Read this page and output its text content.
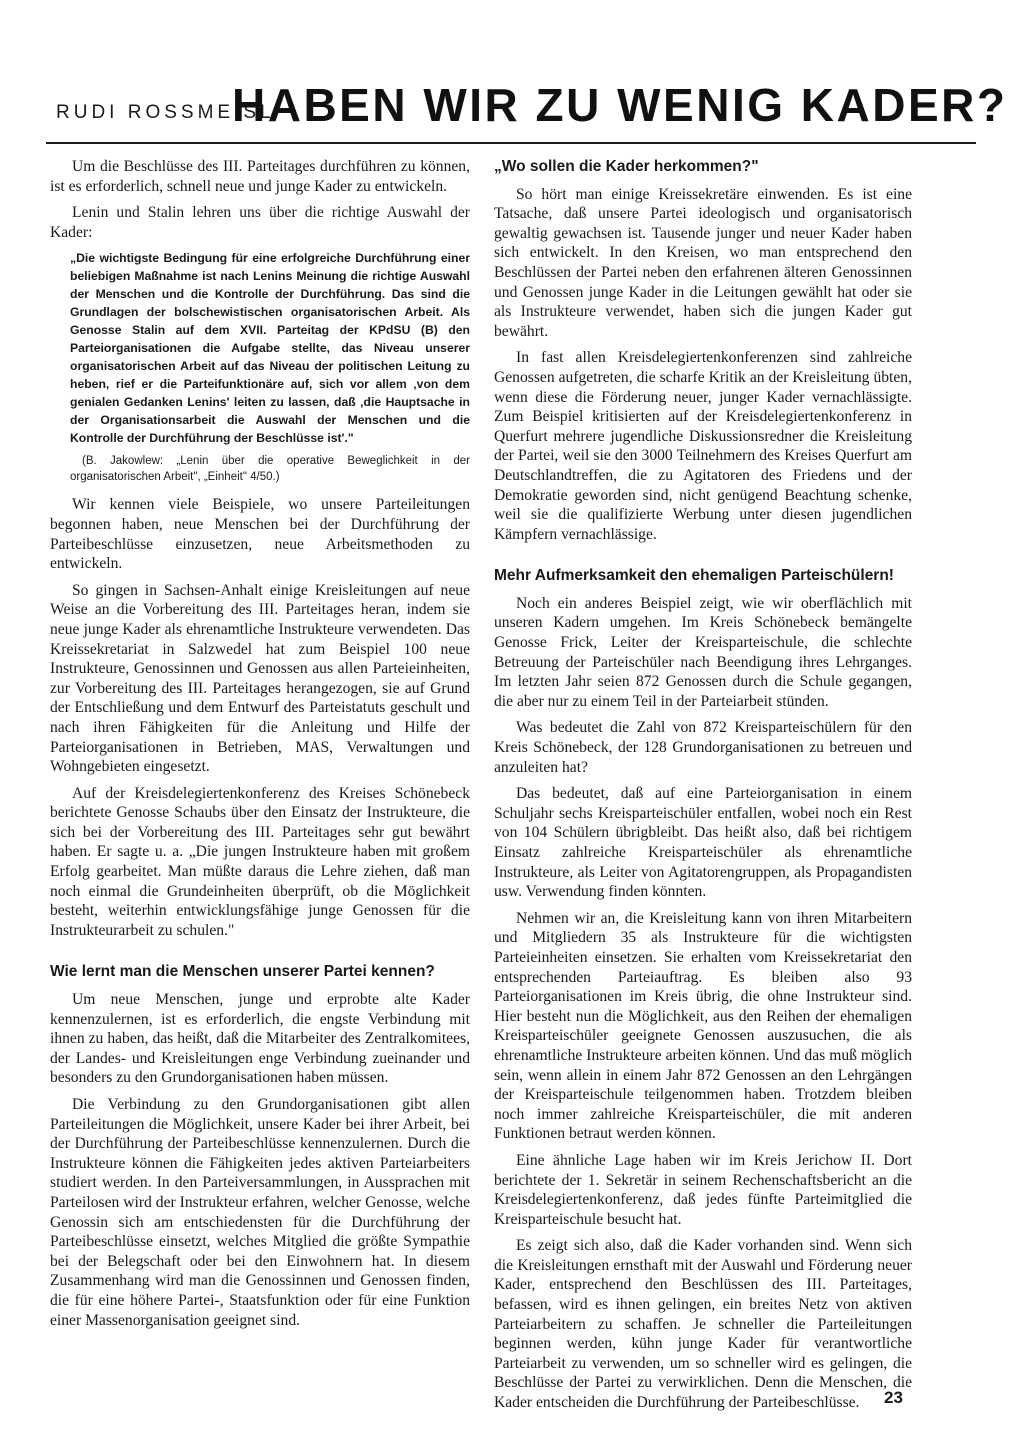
RUDI ROSSMEISL
HABEN WIR ZU WENIG KADER?

Um die Beschlüsse des III. Parteitages durchführen zu können, ist es erforderlich, schnell neue und junge Kader zu entwickeln.

Lenin und Stalin lehren uns über die richtige Auswahl der Kader:

„Die wichtigste Bedingung für eine erfolgreiche Durchführung einer beliebigen Maßnahme ist nach Lenins Meinung die richtige Auswahl der Menschen und die Kontrolle der Durchführung. Das sind die Grundlagen der bolschewistischen organisatorischen Arbeit. Als Genosse Stalin auf dem XVII. Parteitag der KPdSU (B) den Parteiorganisationen die Aufgabe stellte, das Niveau unserer organisatorischen Arbeit auf das Niveau der politischen Leitung zu heben, rief er die Parteifunktionäre auf, sich vor allem ‚von dem genialen Gedanken Lenins' leiten zu lassen, daß ‚die Hauptsache in der Organisationsarbeit die Auswahl der Menschen und die Kontrolle der Durchführung der Beschlüsse ist'."

(B. Jakowlew: „Lenin über die operative Beweglichkeit in der organisatorischen Arbeit", „Einheit" 4/50.)

Wir kennen viele Beispiele, wo unsere Parteileitungen begonnen haben, neue Menschen bei der Durchführung der Parteibeschlüsse einzusetzen, neue Arbeitsmethoden zu entwickeln.

So gingen in Sachsen-Anhalt einige Kreisleitungen auf neue Weise an die Vorbereitung des III. Parteitages heran, indem sie neue junge Kader als ehrenamtliche Instrukteure verwendeten. Das Kreissekretariat in Salzwedel hat zum Beispiel 100 neue Instrukteure, Genossinnen und Genossen aus allen Parteieinheiten, zur Vorbereitung des III. Parteitages herangezogen, sie auf Grund der Entschließung und dem Entwurf des Parteistatuts geschult und nach ihren Fähigkeiten für die Anleitung und Hilfe der Parteiorganisationen in Betrieben, MAS, Verwaltungen und Wohngebieten eingesetzt.

Auf der Kreisdelegiertenkonferenz des Kreises Schönebeck berichtete Genosse Schaubs über den Einsatz der Instrukteure, die sich bei der Vorbereitung des III. Parteitages sehr gut bewährt haben. Er sagte u. a. „Die jungen Instrukteure haben mit großem Erfolg gearbeitet. Man müßte daraus die Lehre ziehen, daß man noch einmal die Grundeinheiten überprüft, ob die Möglichkeit besteht, weiterhin entwicklungsfähige junge Genossen für die Instrukteurarbeit zu schulen."

Wie lernt man die Menschen unserer Partei kennen?

Um neue Menschen, junge und erprobte alte Kader kennenzulernen, ist es erforderlich, die engste Verbindung mit ihnen zu haben, das heißt, daß die Mitarbeiter des Zentralkomitees, der Landes- und Kreisleitungen enge Verbindung zueinander und besonders zu den Grundorganisationen haben müssen.

Die Verbindung zu den Grundorganisationen gibt allen Parteileitungen die Möglichkeit, unsere Kader bei ihrer Arbeit, bei der Durchführung der Parteibeschlüsse kennenzulernen. Durch die Instrukteure können die Fähigkeiten jedes aktiven Parteiarbeiters studiert werden. In den Parteiversammlungen, in Aussprachen mit Parteilosen wird der Instrukteur erfahren, welcher Genosse, welche Genossin sich am entschiedensten für die Durchführung der Parteibeschlüsse einsetzt, welches Mitglied die größte Sympathie bei der Belegschaft oder bei den Einwohnern hat. In diesem Zusammenhang wird man die Genossinnen und Genossen finden, die für eine höhere Partei-, Staatsfunktion oder für eine Funktion einer Massenorganisation geeignet sind.

„Wo sollen die Kader herkommen?"

So hört man einige Kreissekretäre einwenden. Es ist eine Tatsache, daß unsere Partei ideologisch und organisatorisch gewaltig gewachsen ist. Tausende junger und neuer Kader haben sich entwickelt. In den Kreisen, wo man entsprechend den Beschlüssen der Partei neben den erfahrenen älteren Genossinnen und Genossen junge Kader in die Leitungen gewählt hat oder sie als Instrukteure verwendet, haben sich die jungen Kader gut bewährt.

In fast allen Kreisdelegiertenkonferenzen sind zahlreiche Genossen aufgetreten, die scharfe Kritik an der Kreisleitung übten, wenn diese die Förderung neuer, junger Kader vernachlässigte. Zum Beispiel kritisierten auf der Kreisdelegiertenkonferenz in Querfurt mehrere jugendliche Diskussionsredner die Kreisleitung der Partei, weil sie den 3000 Teilnehmern des Kreises Querfurt am Deutschlandtreffen, die zu Agitatoren des Friedens und der Demokratie geworden sind, nicht genügend Beachtung schenke, weil sie die qualifizierte Werbung unter diesen jugendlichen Kämpfern vernachlässige.

Mehr Aufmerksamkeit den ehemaligen Parteischülern!

Noch ein anderes Beispiel zeigt, wie wir oberflächlich mit unseren Kadern umgehen. Im Kreis Schönebeck bemängelte Genosse Frick, Leiter der Kreisparteischule, die schlechte Betreuung der Parteischüler nach Beendigung ihres Lehrganges. Im letzten Jahr seien 872 Genossen durch die Schule gegangen, die aber nur zu einem Teil in der Parteiarbeit stünden.

Was bedeutet die Zahl von 872 Kreisparteischülern für den Kreis Schönebeck, der 128 Grundorganisationen zu betreuen und anzuleiten hat?

Das bedeutet, daß auf eine Parteiorganisation in einem Schuljahr sechs Kreisparteischüler entfallen, wobei noch ein Rest von 104 Schülern übrigbleibt. Das heißt also, daß bei richtigem Einsatz zahlreiche Kreisparteischüler als ehrenamtliche Instrukteure, als Leiter von Agitatorengruppen, als Propagandisten usw. Verwendung finden könnten.

Nehmen wir an, die Kreisleitung kann von ihren Mitarbeitern und Mitgliedern 35 als Instrukteure für die wichtigsten Parteieinheiten einsetzen. Sie erhalten vom Kreissekretariat den entsprechenden Parteiauftrag. Es bleiben also 93 Parteiorganisationen im Kreis übrig, die ohne Instrukteur sind. Hier besteht nun die Möglichkeit, aus den Reihen der ehemaligen Kreisparteischüler geeignete Genossen auszusuchen, die als ehrenamtliche Instrukteure arbeiten können. Und das muß möglich sein, wenn allein in einem Jahr 872 Genossen an den Lehrgängen der Kreisparteischule teilgenommen haben. Trotzdem bleiben noch immer zahlreiche Kreisparteischüler, die mit anderen Funktionen betraut werden können.

Eine ähnliche Lage haben wir im Kreis Jerichow II. Dort berichtete der 1. Sekretär in seinem Rechenschaftsbericht an die Kreisdelegiertenkonferenz, daß jedes fünfte Parteimitglied die Kreisparteischule besucht hat.

Es zeigt sich also, daß die Kader vorhanden sind. Wenn sich die Kreisleitungen ernsthaft mit der Auswahl und Förderung neuer Kader, entsprechend den Beschlüssen des III. Parteitages, befassen, wird es ihnen gelingen, ein breites Netz von aktiven Parteiarbeitern zu schaffen. Je schneller die Parteileitungen beginnen werden, kühn junge Kader für verantwortliche Parteiarbeit zu verwenden, um so schneller wird es gelingen, die Beschlüsse der Partei zu verwirklichen. Denn die Menschen, die Kader entscheiden die Durchführung der Parteibeschlüsse.	23
